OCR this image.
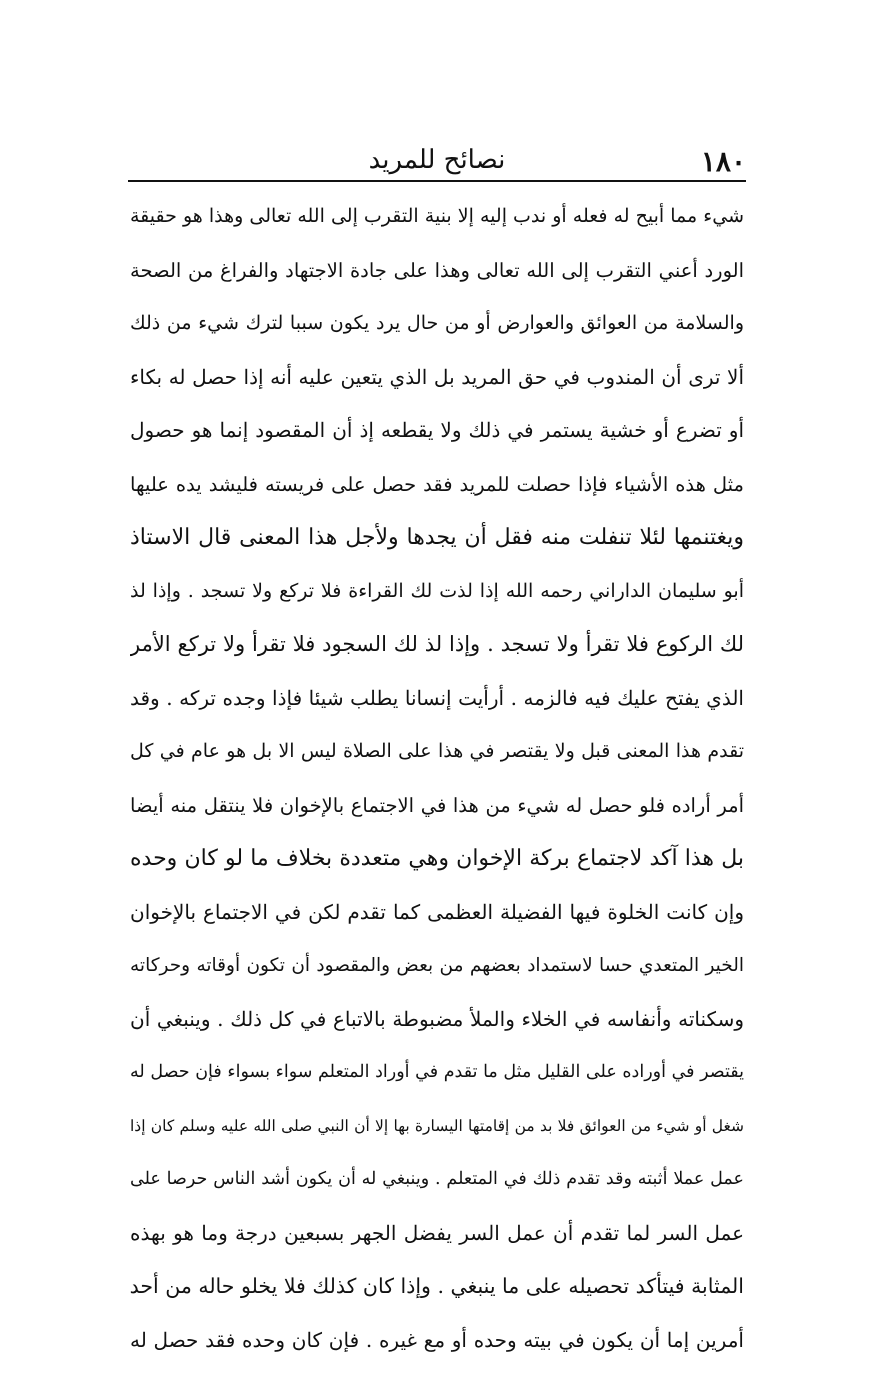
١٨٠
نصائح للمريد
شيء مما أبيح له فعله أو ندب إليه إلا بنية التقرب إلى الله تعالى وهذا هو حقيقة
الورد أعني التقرب إلى الله تعالى وهذا على جادة الاجتهاد والفراغ من الصحة
والسلامة من العوائق والعوارض أو من حال يرد يكون سببا لترك شيء من ذلك
ألا ترى أن المندوب في حق المريد بل الذي يتعين عليه أنه إذا حصل له بكاء
أو تضرع أو خشية يستمر في ذلك ولا يقطعه إذ أن المقصود إنما هو حصول
مثل هذه الأشياء فإذا حصلت للمريد فقد حصل على فريسته فليشد يده عليها
ويغتنمها لئلا تنفلت منه فقل أن يجدها ولأجل هذا المعنى قال الاستاذ
أبو سليمان الداراني رحمه الله إذا لذت لك القراءة فلا تركع ولا تسجد . وإذا لذ
لك الركوع فلا تقرأ ولا تسجد . وإذا لذ لك السجود فلا تقرأ ولا تركع الأمر
الذي يفتح عليك فيه فالزمه . أرأيت إنسانا يطلب شيئا فإذا وجده تركه . وقد
تقدم هذا المعنى قبل ولا يقتصر في هذا على الصلاة ليس الا بل هو عام في كل
أمر أراده فلو حصل له شيء من هذا في الاجتماع بالإخوان فلا ينتقل منه أيضا
بل هذا آكد لاجتماع بركة الإخوان وهي متعددة بخلاف ما لو كان وحده
وإن كانت الخلوة فيها الفضيلة العظمى كما تقدم لكن في الاجتماع بالإخوان
الخير المتعدي حسا لاستمداد بعضهم من بعض والمقصود أن تكون أوقاته وحركاته
وسكناته وأنفاسه في الخلاء والملأ مضبوطة بالاتباع في كل ذلك . وينبغي أن
يقتصر في أوراده على القليل مثل ما تقدم في أوراد المتعلم سواء بسواء فإن حصل له
شغل أو شيء من العوائق فلا بد من إقامتها اليسارة بها إلا أن النبي صلى الله عليه وسلم كان إذا
عمل عملا أثبته وقد تقدم ذلك في المتعلم . وينبغي له أن يكون أشد الناس حرصا على
عمل السر لما تقدم أن عمل السر يفضل الجهر بسبعين درجة وما هو بهذه
المثابة فيتأكد تحصيله على ما ينبغي . وإذا كان كذلك فلا يخلو حاله من أحد
أمرين إما أن يكون في بيته وحده أو مع غيره . فإن كان وحده فقد حصل له
